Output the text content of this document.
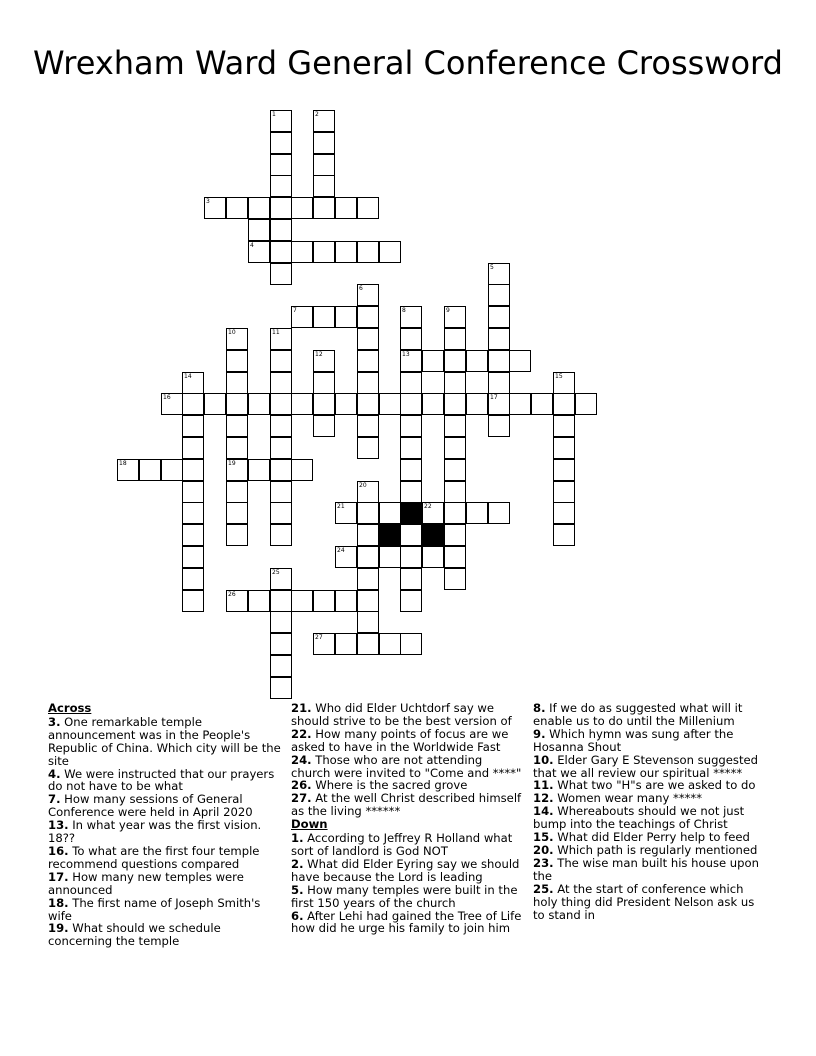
Wrexham Ward General Conference Crossword
1	2
3
4
5
17
6
7	8
13
9
10
19
11
12
14	15
16
18
20
21	22
24
25
26
27
Across
3. One remarkable temple announcement was in the People's Republic of China. Which city will be the site
4. We were instructed that our prayers do not have to be what
7. How many sessions of General Conference were held in April 2020
13. In what year was the first vision. 18??
16. To what are the first four temple recommend questions compared
17. How many new temples were announced
18. The first name of Joseph Smith's wife
19. What should we schedule concerning the temple
21. Who did Elder Uchtdorf say we should strive to be the best version of
22. How many points of focus are we asked to have in the Worldwide Fast
24. Those who are not attending church were invited to "Come and ****"
26. Where is the sacred grove
27. At the well Christ described himself as the living ******
Down
1. According to Jeffrey R Holland what sort of landlord is God NOT
2. What did Elder Eyring say we should have because the Lord is leading
5. How many temples were built in the first 150 years of the church
6. After Lehi had gained the Tree of Life how did he urge his family to join him
8. If we do as suggested what will it enable us to do until the Millenium
9. Which hymn was sung after the Hosanna Shout
10. Elder Gary E Stevenson suggested that we all review our spiritual *****
11. What two "H"s are we asked to do
12. Women wear many *****
14. Whereabouts should we not just bump into the teachings of Christ
15. What did Elder Perry help to feed
20. Which path is regularly mentioned
23. The wise man built his house upon the
25. At the start of conference which holy thing did President Nelson ask us to stand in
